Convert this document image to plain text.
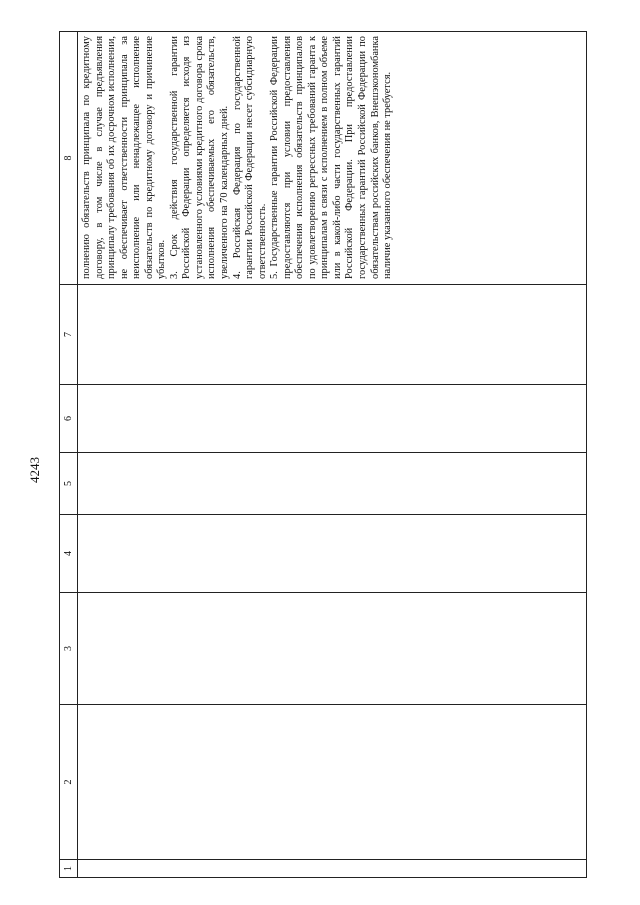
4243
1	2	3	4	5	6	7	8

							полнению обязательств принципала по кредитному договору, в том числе в случае предъявления принципалу требования об их досрочном исполнении, не обеспечивает ответственности принципала за неисполнение или ненадлежащее исполнение обязательств по кредитному договору и причинение убытков. 3. Срок действия государственной гарантии Российской Федерации определяется исходя из установленного условиями кредитного договора срока исполнения обеспечиваемых его обязательств, увеличенного на 70 календарных дней. 4. Российская Федерация по государственной гарантии Российской Федерации несет субсидиарную ответственность. 5. Государственные гарантии Российской Федерации предоставляются при условии предоставления обеспечения исполнения обязательств принципалов по удовлетворению регрессных требований гаранта к принципалам в связи с исполнением в полном объеме или в какой-либо части государственных гарантий Российской Федерации. При предоставлении государственных гарантий Российской Федерации по обязательствам российских банков, Внешэкономбанка наличие указанного обеспечения не требуется.
